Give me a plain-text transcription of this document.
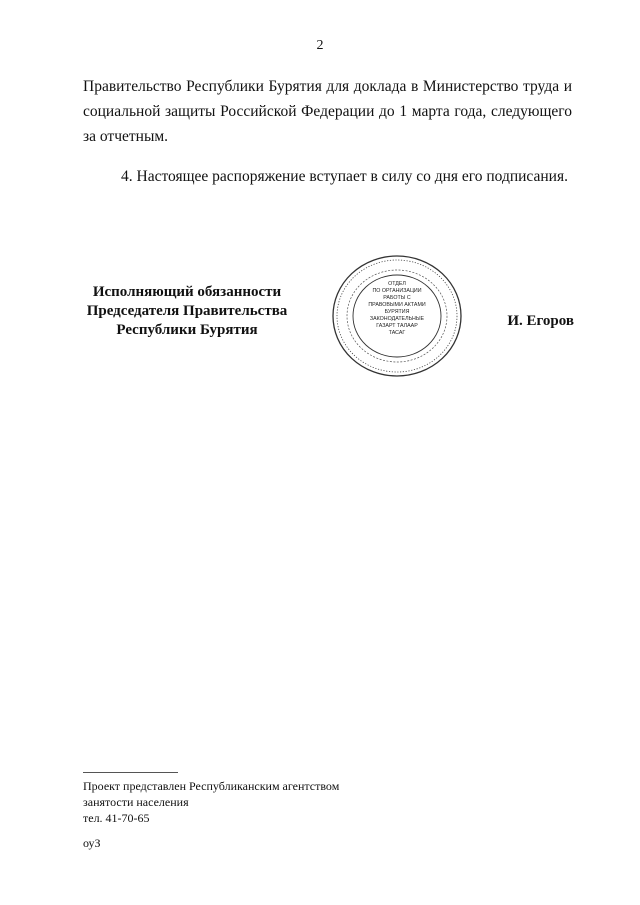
2

Правительство Республики Бурятия для доклада в Министерство труда и социальной защиты Российской Федерации до 1 марта года, следующего за отчетным.

4. Настоящее распоряжение вступает в силу со дня его подписания.

Исполняющий обязанности
Председателя Правительства
Республики Бурятия
ОТДЕЛ
ПО ОРГАНИЗАЦИИ
РАБОТЫ С
ПРАВОВЫМИ АКТАМИ
БУРЯТИЯ
ЗАКОНОДАТЕЛЬНЫЕ
ГАЗАРТ ТАЛААР
ТАСАГ
И. Егоров
Проект представлен Республиканским агентством
занятости населения
тел. 41-70-65
оуЗ
